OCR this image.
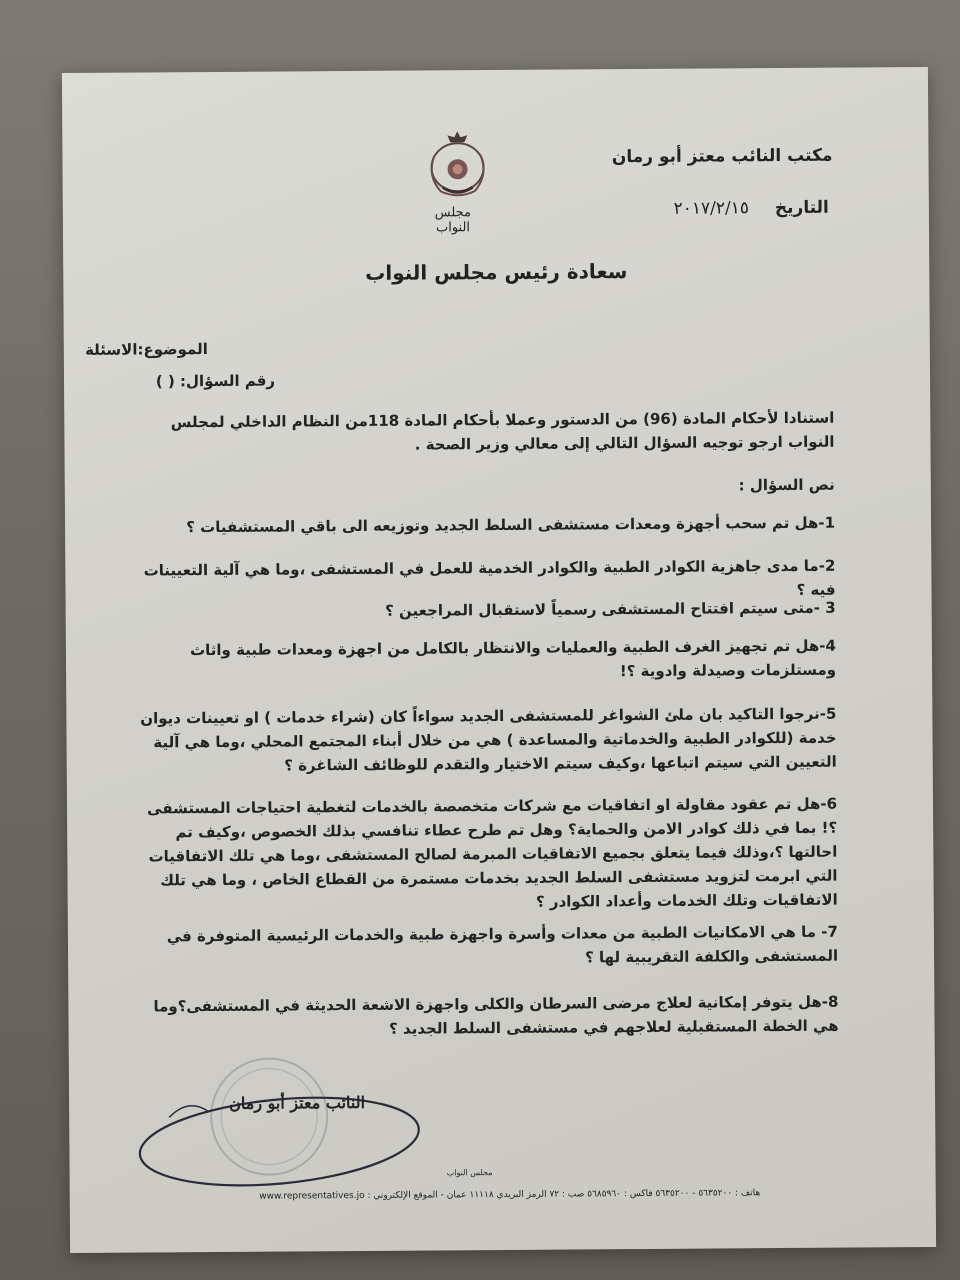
مجلس النواب
مكتب النائب معتز أبو رمان
التاريخ ٢٠١٧/٢/١٥
سعادة رئيس مجلس النواب
الموضوع:الاسئلة
رقم السؤال: ( )
استنادا لأحكام المادة (96) من الدستور وعملا بأحكام المادة 118من النظام الداخلي لمجلس النواب ارجو توجيه السؤال التالي إلى معالي وزير الصحة .
نص السؤال :
1-هل تم سحب أجهزة ومعدات مستشفى السلط الجديد وتوزيعه الى باقي المستشفيات ؟
2-ما مدى جاهزية الكوادر الطبية والكوادر الخدمية للعمل في المستشفى ،وما هي آلية التعيينات فيه ؟
3 -متى سيتم افتتاح المستشفى رسمياً لاستقبال المراجعين ؟
4-هل تم تجهيز الغرف الطبية والعمليات والانتظار بالكامل من اجهزة ومعدات طبية واثاث ومستلزمات وصيدلة وادوية ؟!
5-نرجوا التاكيد بان ملئ الشواغر للمستشفى الجديد سواءاً كان (شراء خدمات ) او تعيينات ديوان خدمة (للكوادر الطبية والخدماتية والمساعدة ) هي من خلال أبناء المجتمع المحلي ،وما هي آلية التعيين التي سيتم اتباعها ،وكيف سيتم الاختيار والتقدم للوظائف الشاغرة ؟
6-هل تم عقود مقاولة او اتفاقيات مع شركات متخصصة بالخدمات لتغطية احتياجات المستشفى ؟! بما في ذلك كوادر الامن والحماية؟ وهل تم طرح عطاء تنافسي بذلك الخصوص ،وكيف تم احالتها ؟،وذلك فيما يتعلق بجميع الاتفاقيات المبرمة لصالح المستشفى ،وما هي تلك الاتفاقيات التي ابرمت لتزويد مستشفى السلط الجديد بخدمات مستمرة من القطاع الخاص ، وما هي تلك الاتفاقيات وتلك الخدمات وأعداد الكوادر ؟
7- ما هي الامكانيات الطبية من معدات وأسرة واجهزة طبية والخدمات الرئيسية المتوفرة في المستشفى والكلفة التقريبية لها ؟
8-هل يتوفر إمكانية لعلاج مرضى السرطان والكلى واجهزة الاشعة الحديثة في المستشفى؟وما هي الخطة المستقبلية لعلاجهم في مستشفى السلط الجديد ؟
النائب معتز أبو رمان
مجلس النواب
هاتف : ٥٦٣٥٢٠٠ - ٥٦٣٥٢٠٠ فاكس : ٥٦٨٥٩٦٠ صب : ٧٢ الرمز البريدي ١١١١٨ عمان - الموقع الإلكتروني : www.representatives.jo
